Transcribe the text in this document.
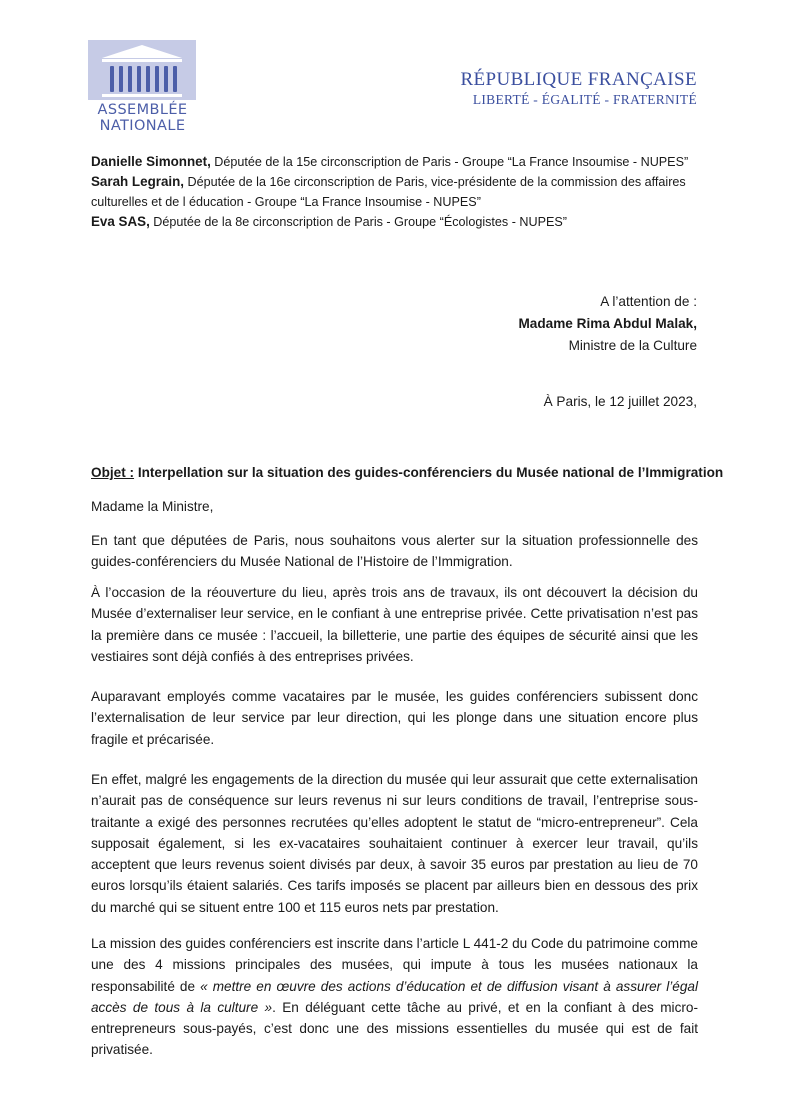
ASSEMBLÉE
NATIONALE
RÉPUBLIQUE FRANÇAISE
LIBERTÉ - ÉGALITÉ - FRATERNITÉ
Danielle Simonnet, Députée de la 15e circonscription de Paris - Groupe “La France Insoumise - NUPES”
Sarah Legrain, Députée de la 16e circonscription de Paris, vice-présidente de la commission des affaires culturelles et de l éducation - Groupe “La France Insoumise - NUPES”
Eva SAS, Députée de la 8e circonscription de Paris - Groupe “Écologistes - NUPES”
A l’attention de :
Madame Rima Abdul Malak,
Ministre de la Culture
À Paris, le 12 juillet 2023,
Objet : Interpellation sur la situation des guides-conférenciers du Musée national de l’Immigration
Madame la Ministre,
En tant que députées de Paris, nous souhaitons vous alerter sur la situation professionnelle des guides-conférenciers du Musée National de l’Histoire de l’Immigration.
À l’occasion de la réouverture du lieu, après trois ans de travaux, ils ont découvert la décision du Musée d’externaliser leur service, en le confiant à une entreprise privée. Cette privatisation n’est pas la première dans ce musée : l’accueil, la billetterie, une partie des équipes de sécurité ainsi que les vestiaires sont déjà confiés à des entreprises privées.
Auparavant employés comme vacataires par le musée, les guides conférenciers subissent donc l’externalisation de leur service par leur direction, qui les plonge dans une situation encore plus fragile et précarisée.
En effet, malgré les engagements de la direction du musée qui leur assurait que cette externalisation n’aurait pas de conséquence sur leurs revenus ni sur leurs conditions de travail, l’entreprise sous-traitante a exigé des personnes recrutées qu’elles adoptent le statut de “micro-entrepreneur”. Cela supposait également, si les ex-vacataires souhaitaient continuer à exercer leur travail, qu’ils acceptent que leurs revenus soient divisés par deux, à savoir 35 euros par prestation au lieu de 70 euros lorsqu’ils étaient salariés. Ces tarifs imposés se placent par ailleurs bien en dessous des prix du marché qui se situent entre 100 et 115 euros nets par prestation.
La mission des guides conférenciers est inscrite dans l’article L 441-2 du Code du patrimoine comme une des 4 missions principales des musées, qui impute à tous les musées nationaux la responsabilité de « mettre en œuvre des actions d’éducation et de diffusion visant à assurer l’égal accès de tous à la culture ». En déléguant cette tâche au privé, et en la confiant à des micro-entrepreneurs sous-payés, c’est donc une des missions essentielles du musée qui est de fait privatisée.
